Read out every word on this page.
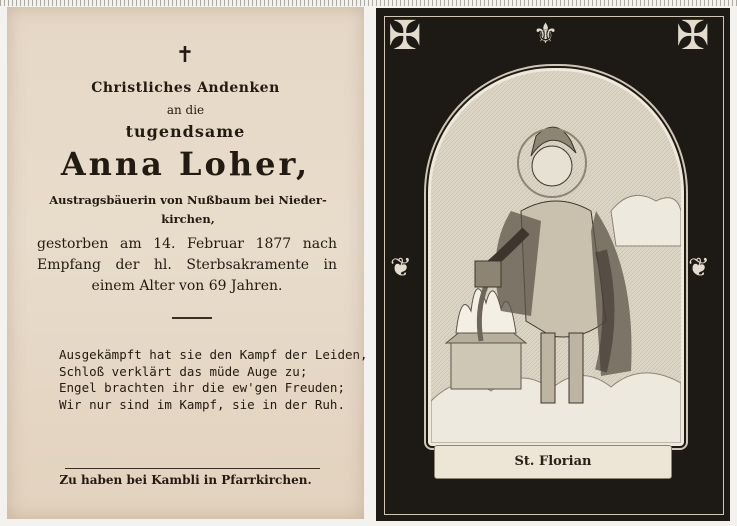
✝
Christliches Andenken
an die
tugendsame
Anna Loher,
Austragsbäuerin von Nußbaum bei Nieder-kirchen,
gestorben am 14. Februar 1877 nach Empfang der hl. Sterbsakramente in einem Alter von 69 Jahren.
Ausgekämpft hat sie den Kampf der Leiden,
Schloß verklärt das müde Auge zu;
Engel brachten ihr die ew'gen Freuden;
Wir nur sind im Kampf, sie in der Ruh.
Zu haben bei Kambli in Pfarrkirchen.
✠	✠
⚜
❦	❦
St. Florian
